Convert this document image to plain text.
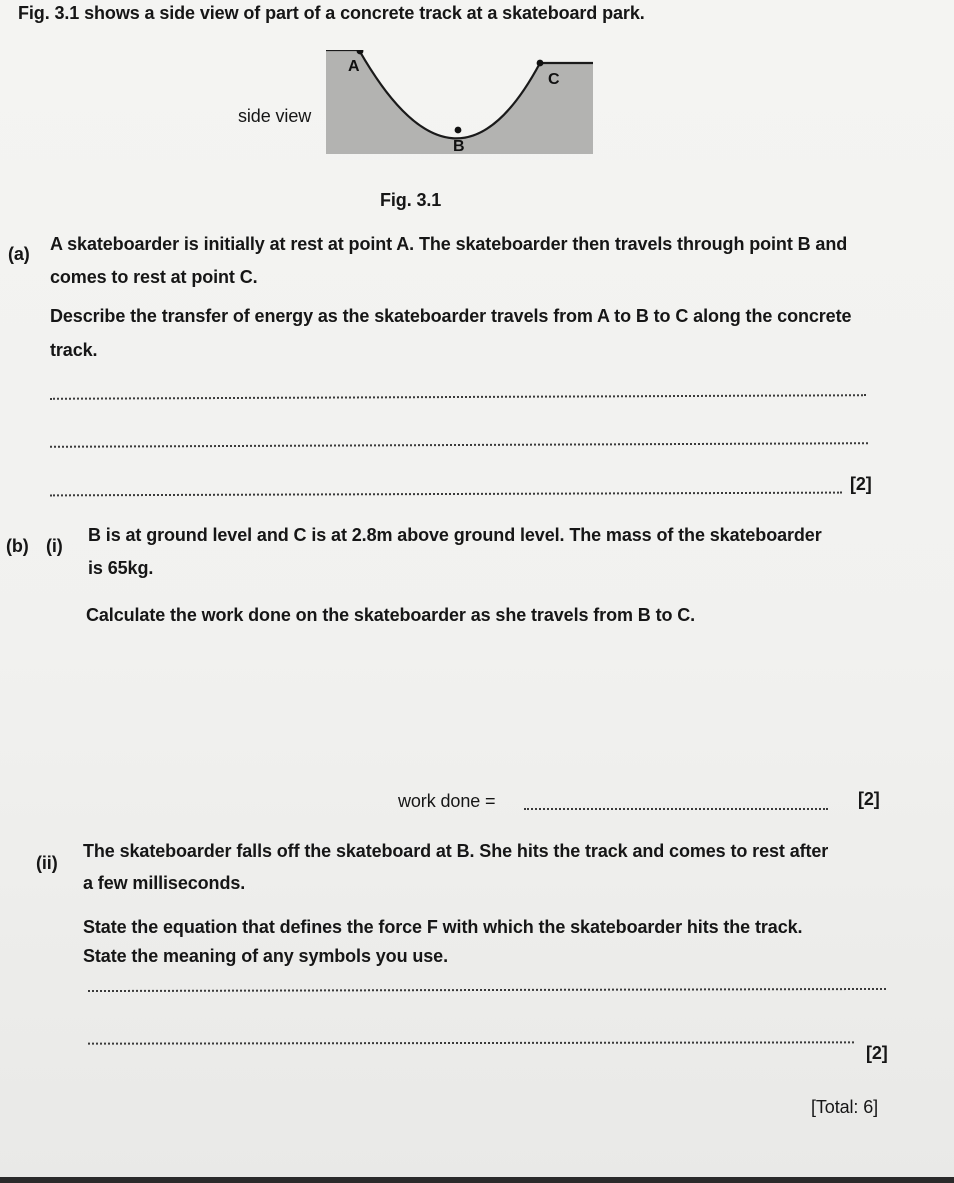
Fig. 3.1 shows a side view of part of a concrete track at a skateboard park.
side view
A
B
C
Fig. 3.1
(a) A skateboarder is initially at rest at point A. The skateboarder then travels through point B and
comes to rest at point C.
Describe the transfer of energy as the skateboarder travels from A to B to C along the concrete
track.
[2]
(b) (i)
B is at ground level and C is at 2.8m above ground level. The mass of the skateboarder
is 65kg.
Calculate the work done on the skateboarder as she travels from B to C.
work done =	[2]
(ii)
The skateboarder falls off the skateboard at B. She hits the track and comes to rest after
a few milliseconds.
State the equation that defines the force F with which the skateboarder hits the track.
State the meaning of any symbols you use.
[2]
[Total: 6]
